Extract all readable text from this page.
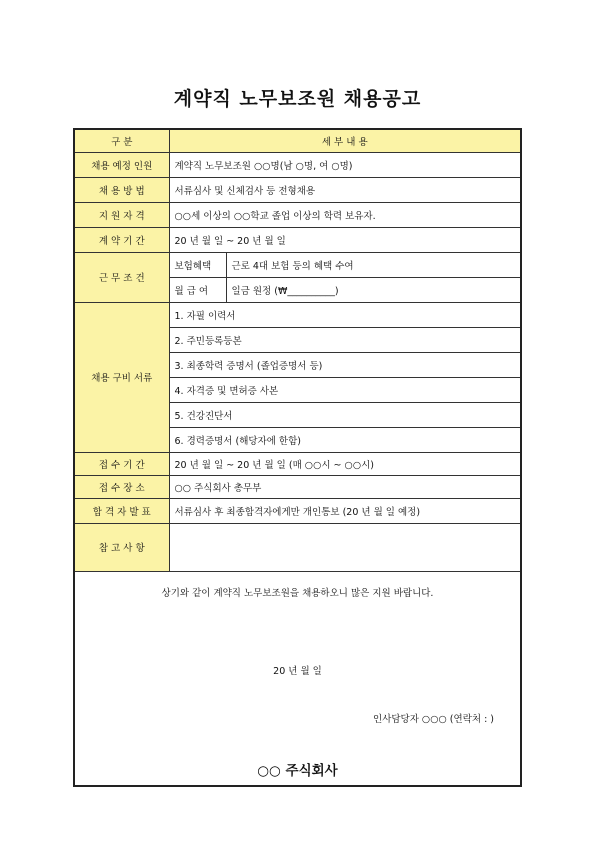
계약직 노무보조원 채용공고
구 분	세 부 내 용	
채용 예정 인원	계약직 노무보조원 ○○명(남 ○명, 여 ○명)	
채 용 방 법	서류심사 및 신체검사 등 전형채용	
지 원 자 격	○○세 이상의 ○○학교 졸업 이상의 학력 보유자.	
계 약 기 간	20 년 월 일 ~ 20 년 월 일	
근 무 조 건	보험혜택	근로 4대 보험 등의 혜택 수여
	월 급 여	일금 원정 (₩__________)
채용 구비 서류	1. 자필 이력서	
	2. 주민등록등본	
	3. 최종학력 증명서 (졸업증명서 등)	
	4. 자격증 및 면허증 사본	
	5. 건강진단서	
	6. 경력증명서 (해당자에 한함)	
접 수 기 간	20 년 월 일 ~ 20 년 월 일 (매 ○○시 ~ ○○시)	
접 수 장 소	○○ 주식회사 총무부	
합 격 자 발 표	서류심사 후 최종합격자에게만 개인통보 (20 년 월 일 예정)	
참 고 사 항		

상기와 같이 계약직 노무보조원을 채용하오니 많은 지원 바랍니다.
20 년 월 일
인사담당자 ○○○ (연락처 : )
○○ 주식회사		
